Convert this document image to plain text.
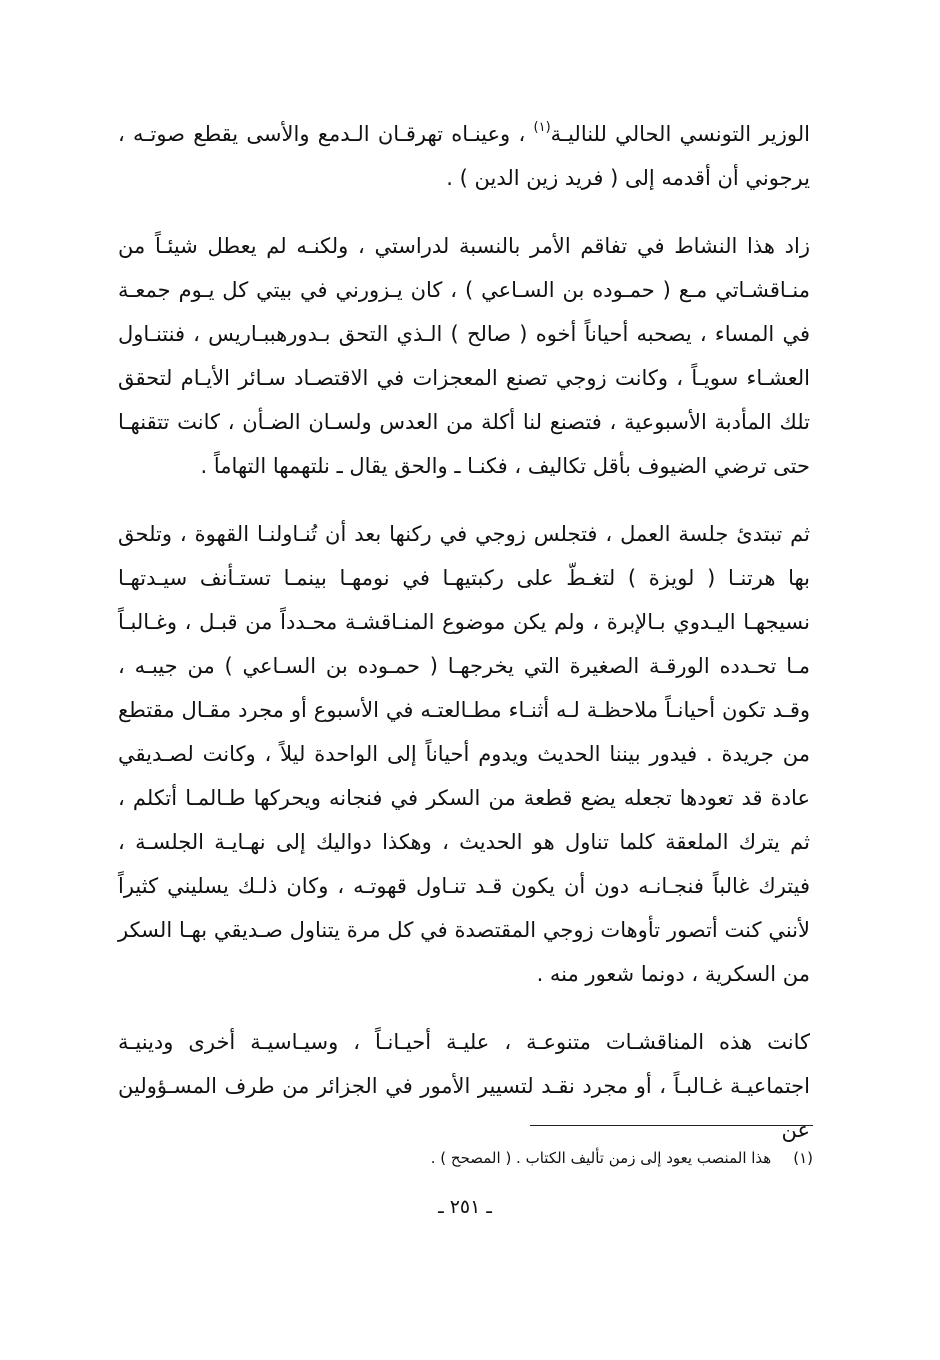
الوزير التونسي الحالي للناليـة$^{(١)}$ ، وعينـاه تهرقـان الـدمع والأسى يقطع صوتـه ، يرجوني أن أقدمه إلى ( فريد زين الدين ) .

زاد هذا النشاط في تفاقم الأمر بالنسبة لدراستي ، ولكنـه لم يعطل شيئـاً من منـاقشـاتي مـع ( حمـوده بن السـاعي ) ، كان يـزورني في بيتي كل يـوم جمعـة في المساء ، يصحبه أحياناً أخوه ( صالح ) الـذي التحق بـدورهببـاريس ، فنتنـاول العشـاء سويـاً ، وكانت زوجي تصنع المعجزات في الاقتصـاد سـائر الأيـام لتحقق تلك المأدبة الأسبوعية ، فتصنع لنا أكلة من العدس ولسـان الضـأن ، كانت تتقنهـا حتى ترضي الضيوف بأقل تكاليف ، فكنـا ـ والحق يقال ـ نلتهمها التهاماً .

ثم تبتدئ جلسة العمل ، فتجلس زوجي في ركنها بعد أن تُنـاولنـا القهوة ، وتلحق بها هرتنـا ( لويزة ) لتغـطّ على ركبتيهـا في نومهـا بينمـا تستـأنف سيـدتهـا نسيجهـا اليـدوي بـالإبرة ، ولم يكن موضوع المنـاقشـة محـدداً من قبـل ، وغـالبـاً مـا تحـدده الورقـة الصغيرة التي يخرجهـا ( حمـوده بن السـاعي ) من جيبـه ، وقـد تكون أحيانـاً ملاحظـة لـه أثنـاء مطـالعتـه في الأسبوع أو مجرد مقـال مقتطع من جريدة . فيدور بيننا الحديث ويدوم أحياناً إلى الواحدة ليلاً ، وكانت لصـديقي عادة قد تعودها تجعله يضع قطعة من السكر في فنجانه ويحركها طـالمـا أتكلم ، ثم يترك الملعقة كلما تناول هو الحديث ، وهكذا دواليك إلى نهـايـة الجلسـة ، فيترك غالباً فنجـانـه دون أن يكون قـد تنـاول قهوتـه ، وكان ذلـك يسليني كثيراً لأنني كنت أتصور تأوهات زوجي المقتصدة في كل مرة يتناول صـديقي بهـا السكر من السكرية ، دونما شعور منه .

كانت هذه المناقشـات متنوعـة ، عليـة أحيـانـاً ، وسيـاسيـة أخرى ودينيـة اجتماعيـة غـالبـاً ، أو مجرد نقـد لتسيير الأمور في الجزائر من طرف المسـؤولين عن

(١)هذا المنصب يعود إلى زمن تأليف الكتاب . ( المصحح ) .
ـ ٢٥١ ـ
